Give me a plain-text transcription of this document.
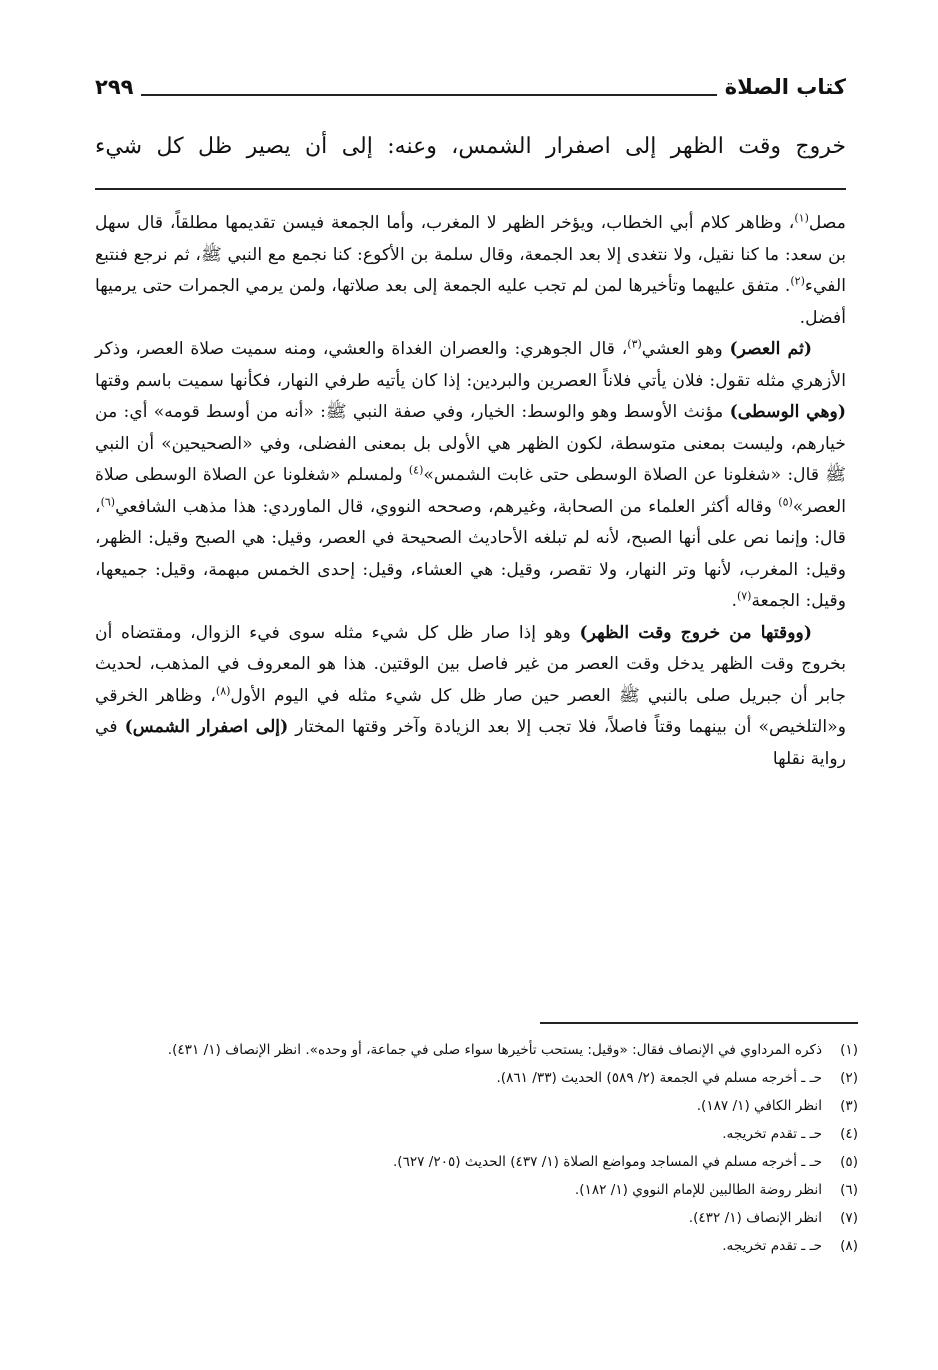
كتاب الصلاة
٢٩٩
خروج وقت الظهر إلى اصفرار الشمس، وعنه: إلى أن يصير ظل كل شيء

مصل$^{(١)}$، وظاهر كلام أبي الخطاب، ويؤخر الظهر لا المغرب، وأما الجمعة فيسن تقديمها مطلقاً، قال سهل بن سعد: ما كنا نقيل، ولا نتغدى إلا بعد الجمعة، وقال سلمة بن الأكوع: كنا نجمع مع النبي ﷺ، ثم نرجع فنتبع الفيء$^{(٢)}$. متفق عليهما وتأخيرها لمن لم تجب عليه الجمعة إلى بعد صلاتها، ولمن يرمي الجمرات حتى يرميها أفضل.

(ثم العصر) وهو العشي$^{(٣)}$، قال الجوهري: والعصران الغداة والعشي، ومنه سميت صلاة العصر، وذكر الأزهري مثله تقول: فلان يأتي فلاناً العصرين والبردين: إذا كان يأتيه طرفي النهار، فكأنها سميت باسم وقتها (وهي الوسطى) مؤنث الأوسط وهو والوسط: الخيار، وفي صفة النبي ﷺ: «أنه من أوسط قومه» أي: من خيارهم، وليست بمعنى متوسطة، لكون الظهر هي الأولى بل بمعنى الفضلى، وفي «الصحيحين» أن النبي ﷺ قال: «شغلونا عن الصلاة الوسطى حتى غابت الشمس»$^{(٤)}$ ولمسلم «شغلونا عن الصلاة الوسطى صلاة العصر»$^{(٥)}$ وقاله أكثر العلماء من الصحابة، وغيرهم، وصححه النووي، قال الماوردي: هذا مذهب الشافعي$^{(٦)}$، قال: وإنما نص على أنها الصبح، لأنه لم تبلغه الأحاديث الصحيحة في العصر، وقيل: هي الصبح وقيل: الظهر، وقيل: المغرب، لأنها وتر النهار، ولا تقصر، وقيل: هي العشاء، وقيل: إحدى الخمس مبهمة، وقيل: جميعها، وقيل: الجمعة$^{(٧)}$.

(ووقتها من خروج وقت الظهر) وهو إذا صار ظل كل شيء مثله سوى فيء الزوال، ومقتضاه أن بخروج وقت الظهر يدخل وقت العصر من غير فاصل بين الوقتين. هذا هو المعروف في المذهب، لحديث جابر أن جبريل صلى بالنبي ﷺ العصر حين صار ظل كل شيء مثله في اليوم الأول$^{(٨)}$، وظاهر الخرقي و«التلخيص» أن بينهما وقتاً فاصلاً، فلا تجب إلا بعد الزيادة وآخر وقتها المختار (إلى اصفرار الشمس) في رواية نقلها

(١)
ذكره المرداوي في الإنصاف فقال: «وقيل: يستحب تأخيرها سواء صلى في جماعة، أو وحده». انظر الإنصاف (١/ ٤٣١).
(٢)
حـ ـ أخرجه مسلم في الجمعة (٢/ ٥٨٩) الحديث (٣٣/ ٨٦١).
(٣)
انظر الكافي (١/ ١٨٧).
(٤)
حـ ـ تقدم تخريجه.
(٥)
حـ ـ أخرجه مسلم في المساجد ومواضع الصلاة (١/ ٤٣٧) الحديث (٢٠٥/ ٦٢٧).
(٦)
انظر روضة الطالبين للإمام النووي (١/ ١٨٢).
(٧)
انظر الإنصاف (١/ ٤٣٢).
(٨)
حـ ـ تقدم تخريجه.
